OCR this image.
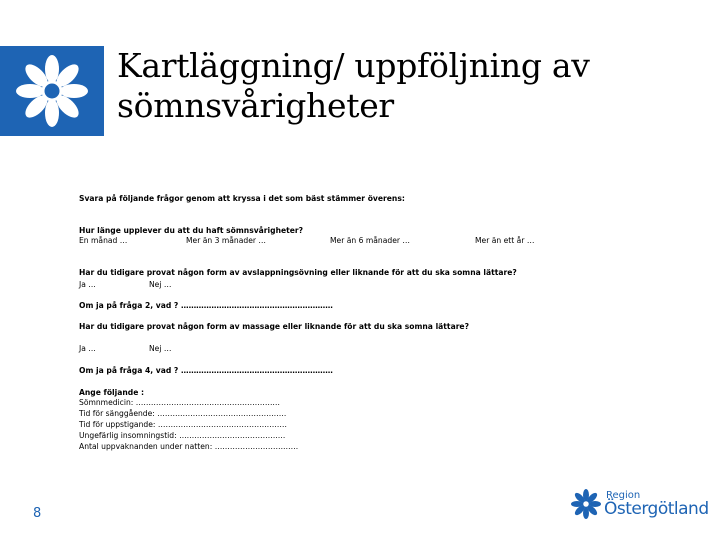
Kartläggning/ uppföljning av
sömnsvårigheter
Svara på följande frågor genom att kryssa i det som bäst stämmer överens:
Hur länge upplever du att du haft sömnsvårigheter?
En månad …	Mer än 3 månader …	Mer än 6 månader …	Mer än ett år …
Har du tidigare provat någon form av avslappningsövning eller liknande för att du ska somna lättare?
Ja …	Nej …
Om ja på fråga 2, vad ? ……………………………………………………
Har du tidigare provat någon form av massage eller liknande för att du ska somna lättare?
Ja …	Nej …
Om ja på fråga 4, vad ? ……………………………………………………
Ange följande :
Sömnmedicin: …………………………………………………
Tid för sänggående: ……………………………………………
Tid för uppstigande: ……………………………………………
Ungefärlig insomningstid: ……………………………………
Antal uppvaknanden under natten: ……………………………
8
Region
Östergötland
